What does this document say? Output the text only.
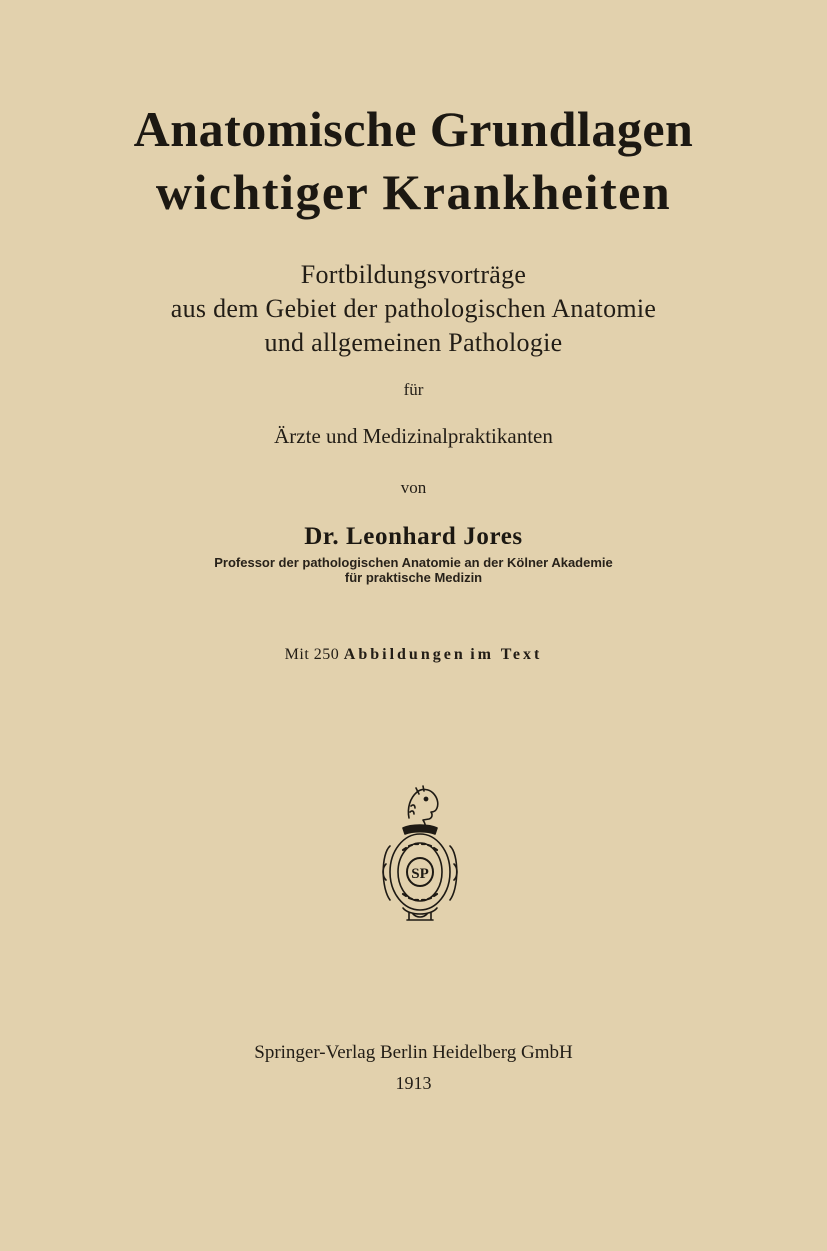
Anatomische Grundlagen
wichtiger Krankheiten
Fortbildungsvorträge
aus dem Gebiet der pathologischen Anatomie
und allgemeinen Pathologie
für
Ärzte und Medizinalpraktikanten
von
Dr. Leonhard Jores
Professor der pathologischen Anatomie an der Kölner Akademie
für praktische Medizin
Mit 250 Abbildungen im Text
SP
Springer-Verlag Berlin Heidelberg GmbH
1913
